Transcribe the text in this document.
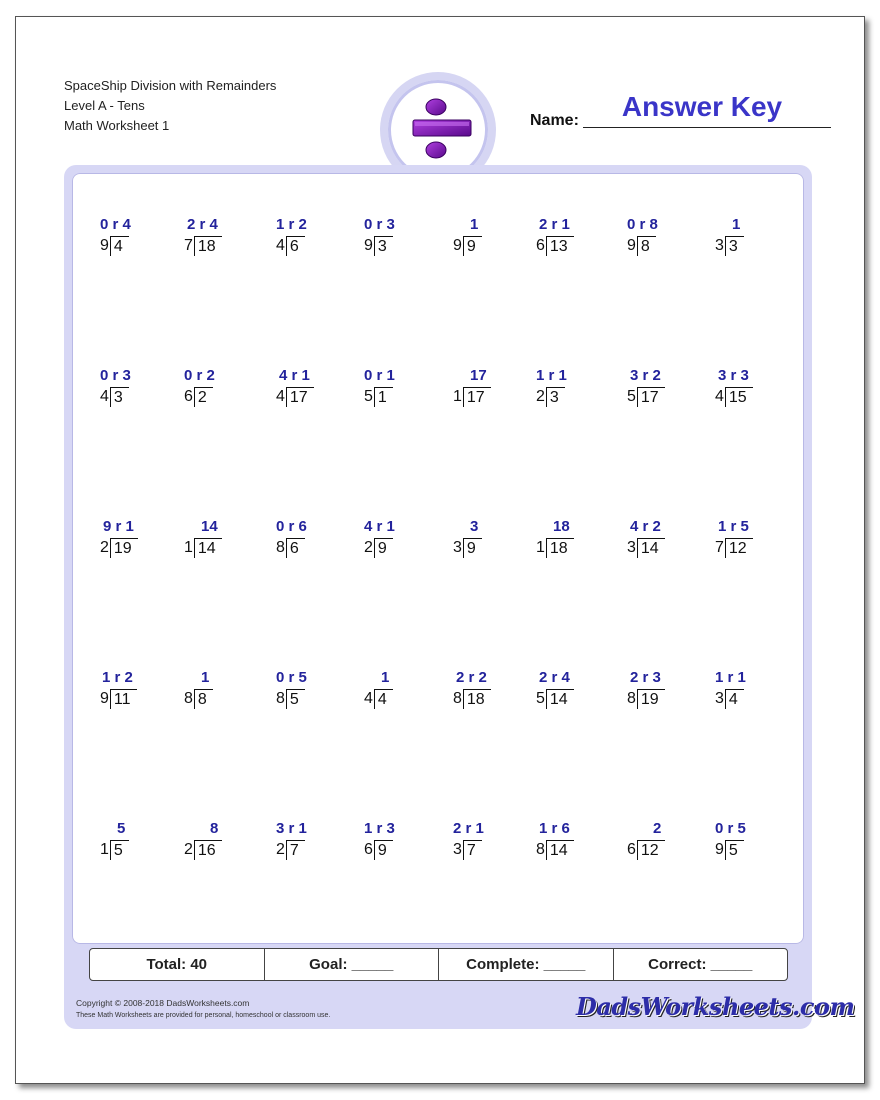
SpaceShip Division with Remainders
Level A - Tens
Math Worksheet 1
Answer Key
Name:
9 4
0 r 4
7 18
2 r 4
4 6
1 r 2
9 3
0 r 3
9 9
1
6 13
2 r 1
9 8
0 r 8
3 3
1
4 3
0 r 3
6 2
0 r 2
4 17
4 r 1
5 1
0 r 1
1 17
17
2 3
1 r 1
5 17
3 r 2
4 15
3 r 3
2 19
9 r 1
1 14
14
8 6
0 r 6
2 9
4 r 1
3 9
3
1 18
18
3 14
4 r 2
7 12
1 r 5
9 11
1 r 2
8 8
1
8 5
0 r 5
4 4
1
8 18
2 r 2
5 14
2 r 4
8 19
2 r 3
3 4
1 r 1
1 5
5
2 16
8
2 7
3 r 1
6 9
1 r 3
3 7
2 r 1
8 14
1 r 6
6 12
2
9 5
0 r 5
Total: 40	Goal: _____	Complete: _____	Correct: _____
Copyright © 2008-2018 DadsWorksheets.com
These Math Worksheets are provided for personal, homeschool or classroom use.	DadsWorksheets.com
